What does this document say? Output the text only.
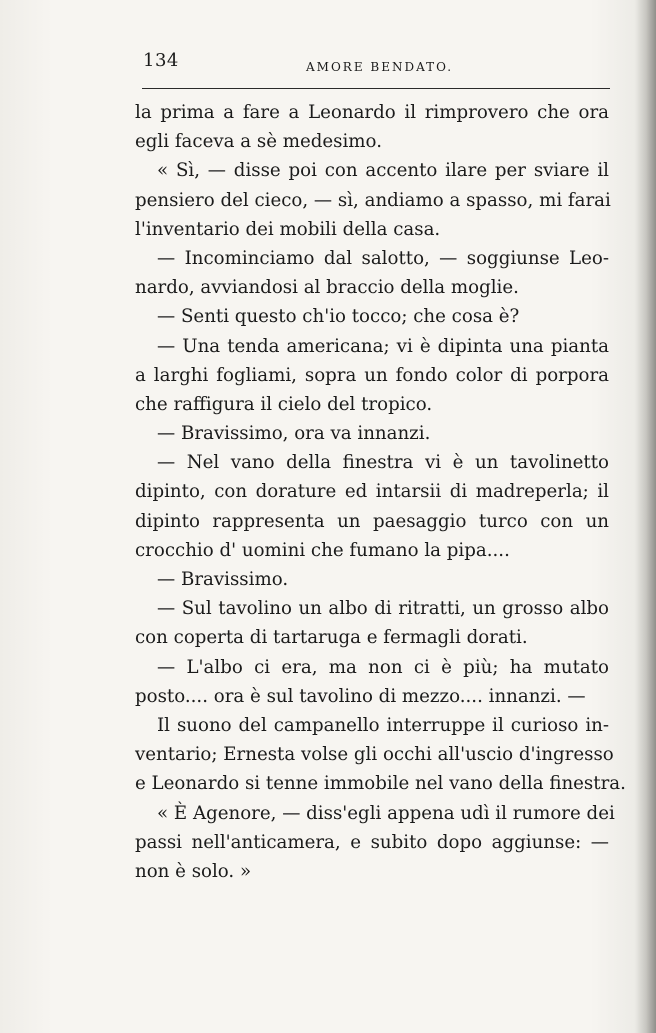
134	AMORE BENDATO.
la prima a fare a Leonardo il rimprovero che ora
egli faceva a sè medesimo.
« Sì, — disse poi con accento ilare per sviare il
pensiero del cieco, — sì, andiamo a spasso, mi farai
l'inventario dei mobili della casa.
— Incominciamo dal salotto, — soggiunse Leo-
nardo, avviandosi al braccio della moglie.
— Senti questo ch'io tocco; che cosa è?
— Una tenda americana; vi è dipinta una pianta
a larghi fogliami, sopra un fondo color di porpora
che raffigura il cielo del tropico.
— Bravissimo, ora va innanzi.
— Nel vano della finestra vi è un tavolinetto
dipinto, con dorature ed intarsii di madreperla; il
dipinto rappresenta un paesaggio turco con un
crocchio d' uomini che fumano la pipa....
— Bravissimo.
— Sul tavolino un albo di ritratti, un grosso albo
con coperta di tartaruga e fermagli dorati.
— L'albo ci era, ma non ci è più; ha mutato
posto.... ora è sul tavolino di mezzo.... innanzi. —
Il suono del campanello interruppe il curioso in-
ventario; Ernesta volse gli occhi all'uscio d'ingresso
e Leonardo si tenne immobile nel vano della finestra.
« È Agenore, — diss'egli appena udì il rumore dei
passi nell'anticamera, e subito dopo aggiunse: —
non è solo. »
